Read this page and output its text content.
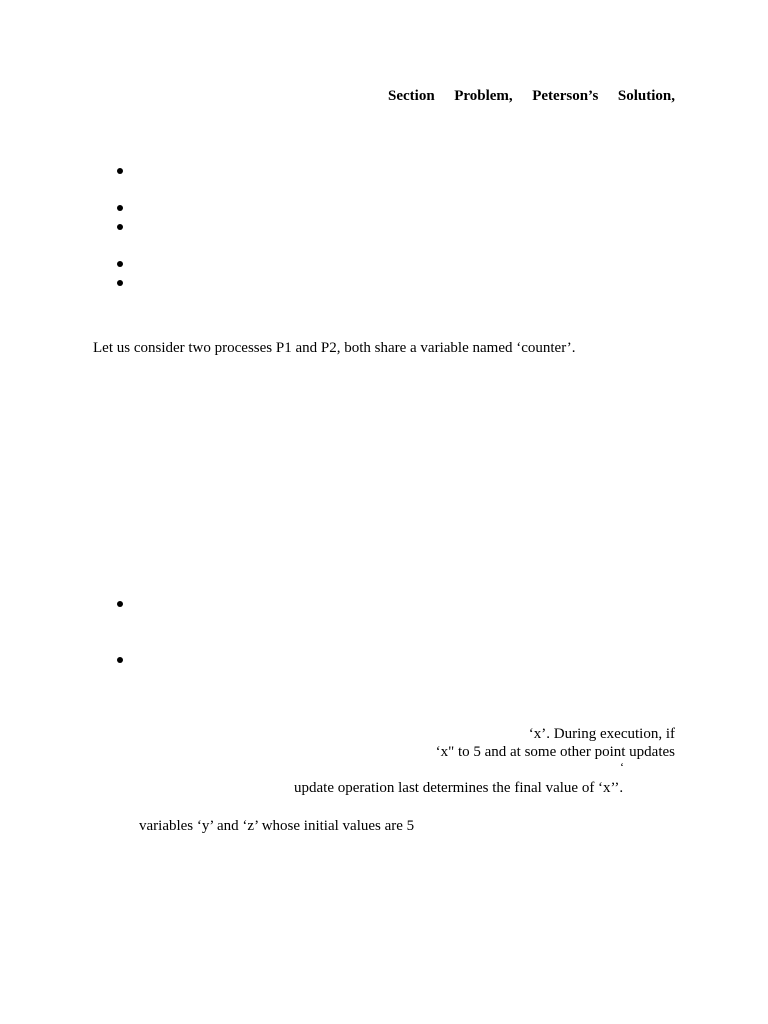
Section Problem, Peterson’s Solution,
Let us consider two processes P1 and P2, both share a variable named ‘counter’.
‘x’. During execution, if
‘x" to 5 and at some other point updates
‘
update operation last determines the final value of ‘x’’.
variables ‘y’ and ‘z’ whose initial values are 5
